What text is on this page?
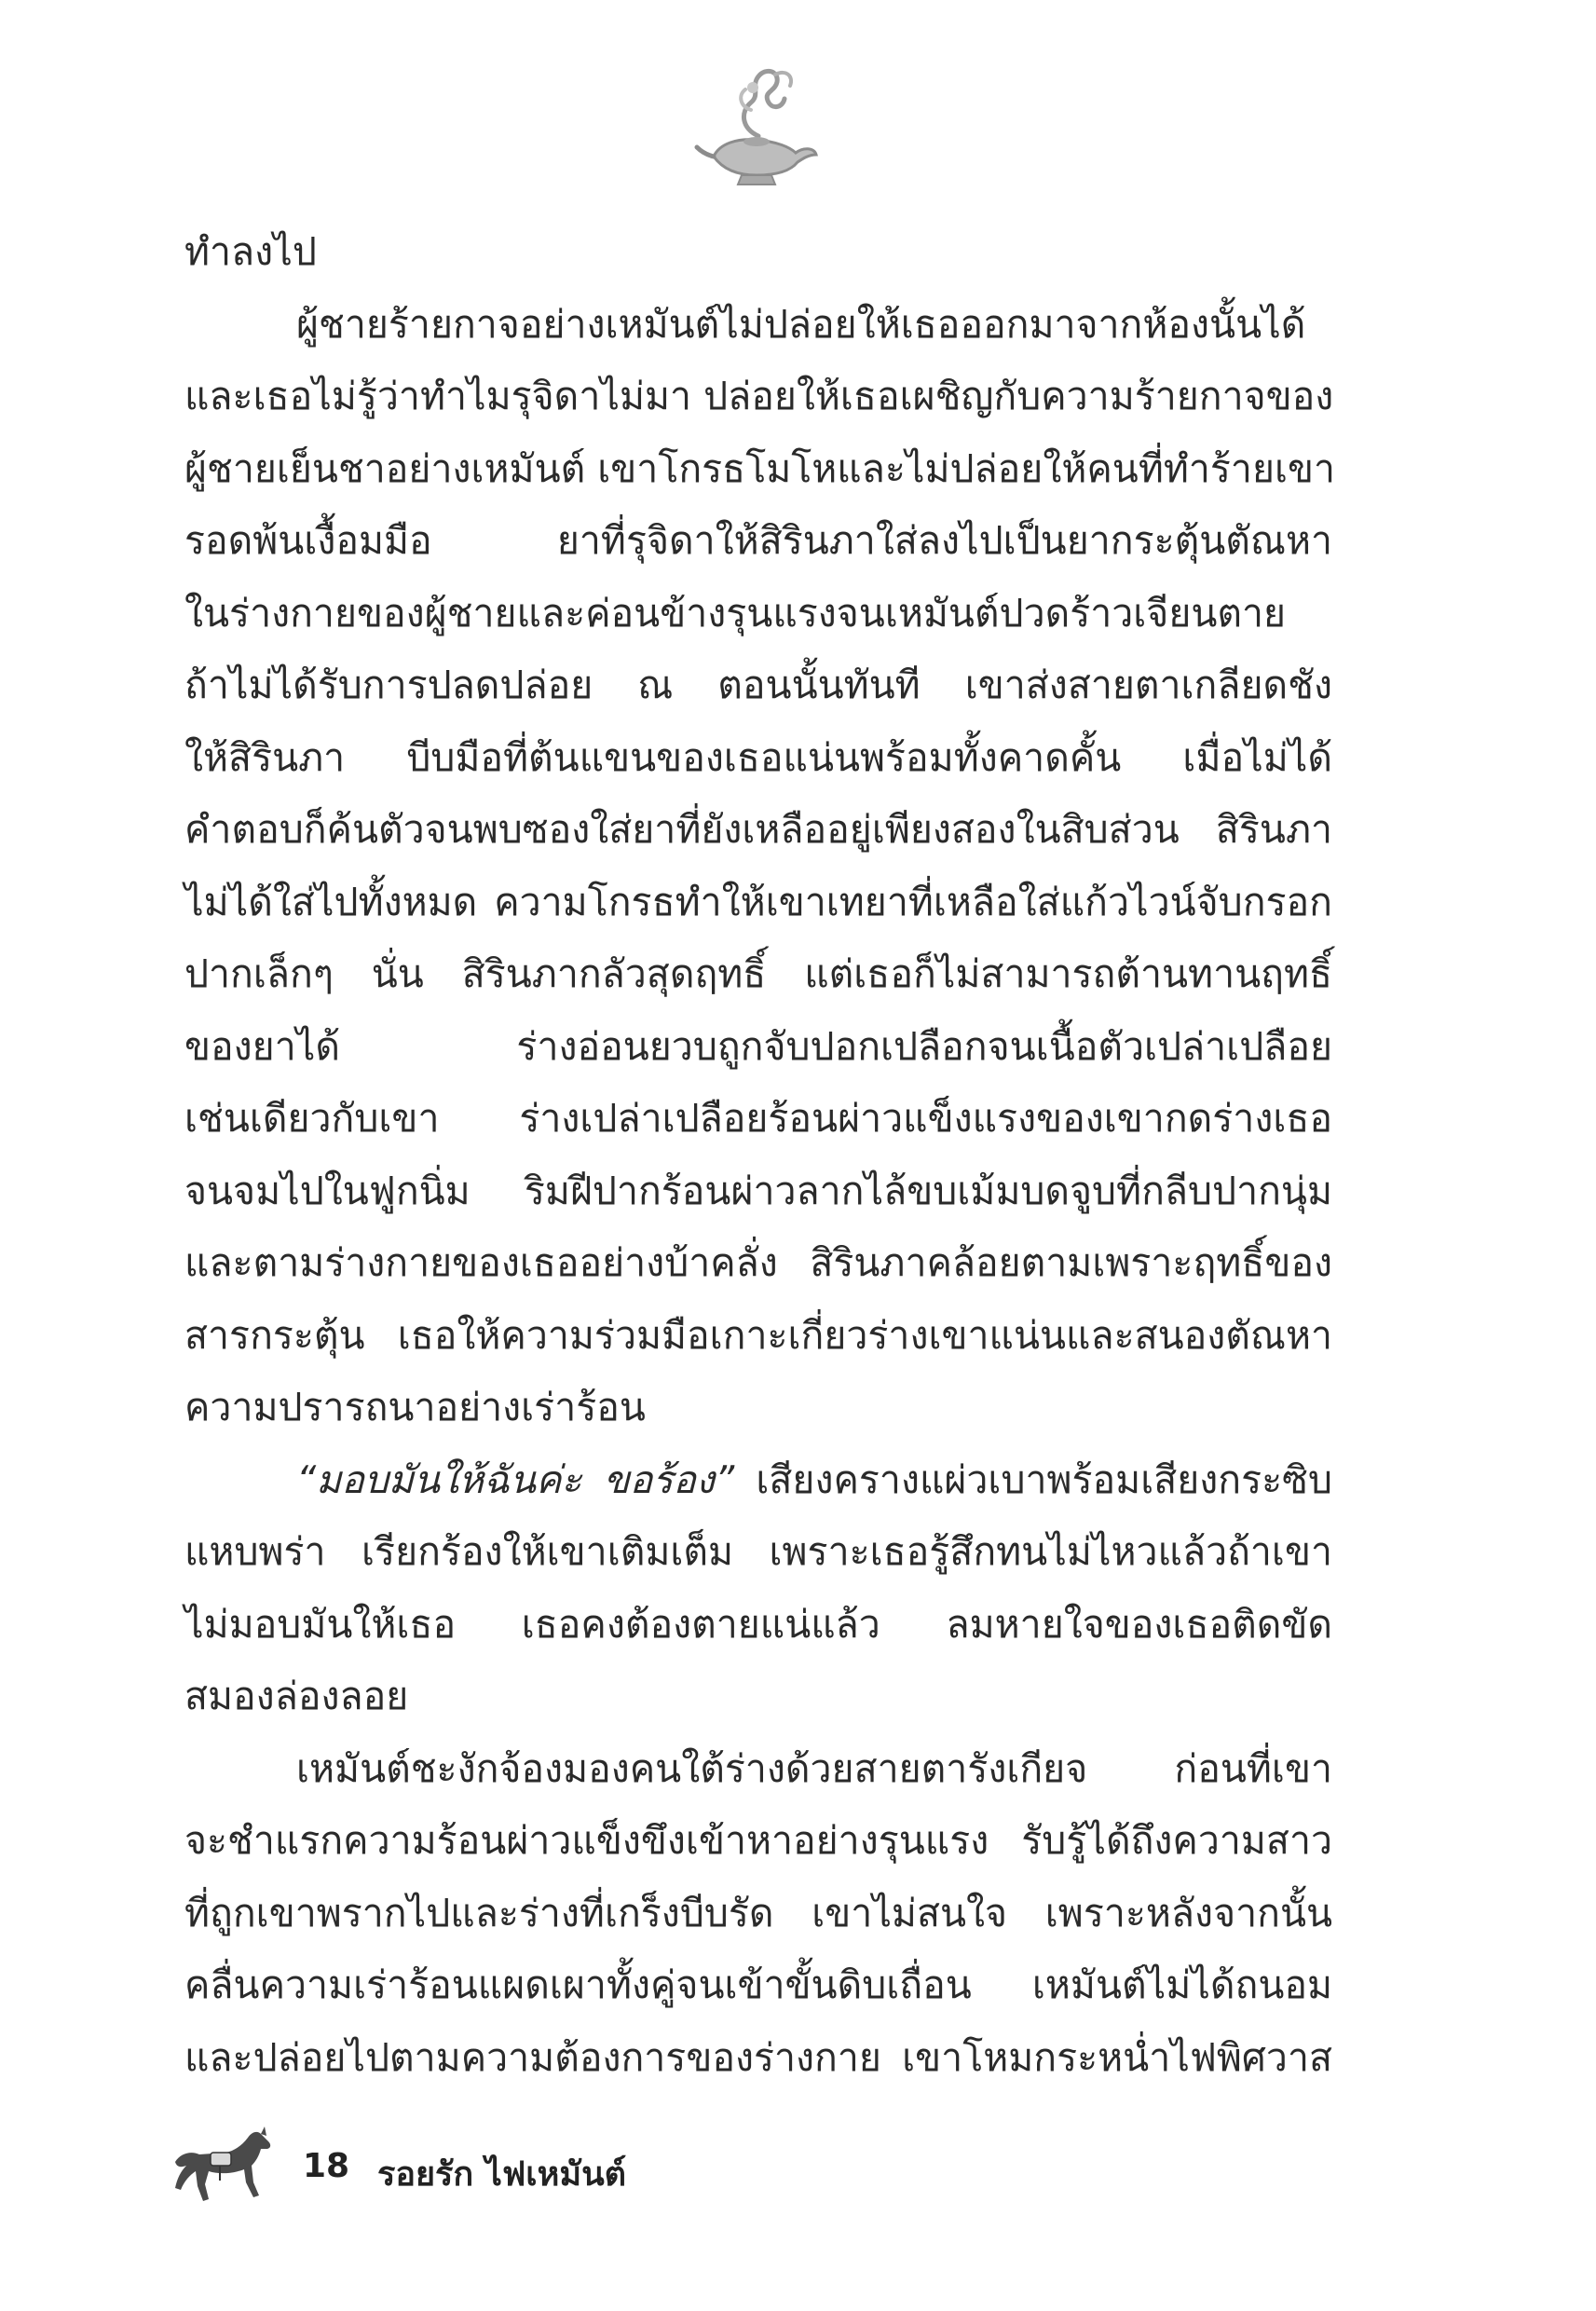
ทำลงไป
ผู้ชายร้ายกาจอย่างเหมันต์ไม่ปล่อยให้เธอออกมาจากห้องนั้นได้
และเธอไม่รู้ว่าทำไมรุจิดาไม่มา ปล่อยให้เธอเผชิญกับความร้ายกาจของ
ผู้ชายเย็นชาอย่างเหมันต์ เขาโกรธโมโหและไม่ปล่อยให้คนที่ทำร้ายเขา
รอดพ้นเงื้อมมือ ยาที่รุจิดาให้สิรินภาใส่ลงไปเป็นยากระตุ้นตัณหา
ในร่างกายของผู้ชายและค่อนข้างรุนแรงจนเหมันต์ปวดร้าวเจียนตาย
ถ้าไม่ได้รับการปลดปล่อย ณ ตอนนั้นทันที เขาส่งสายตาเกลียดชัง
ให้สิรินภา บีบมือที่ต้นแขนของเธอแน่นพร้อมทั้งคาดคั้น เมื่อไม่ได้
คำตอบก็ค้นตัวจนพบซองใส่ยาที่ยังเหลืออยู่เพียงสองในสิบส่วน สิรินภา
ไม่ได้ใส่ไปทั้งหมด ความโกรธทำให้เขาเทยาที่เหลือใส่แก้วไวน์จับกรอก
ปากเล็กๆ นั่น สิรินภากลัวสุดฤทธิ์ แต่เธอก็ไม่สามารถต้านทานฤทธิ์
ของยาได้ ร่างอ่อนยวบถูกจับปอกเปลือกจนเนื้อตัวเปล่าเปลือย
เช่นเดียวกับเขา ร่างเปล่าเปลือยร้อนผ่าวแข็งแรงของเขากดร่างเธอ
จนจมไปในฟูกนิ่ม ริมฝีปากร้อนผ่าวลากไล้ขบเม้มบดจูบที่กลีบปากนุ่ม
และตามร่างกายของเธออย่างบ้าคลั่ง สิรินภาคล้อยตามเพราะฤทธิ์ของ
สารกระตุ้น เธอให้ความร่วมมือเกาะเกี่ยวร่างเขาแน่นและสนองตัณหา
ความปรารถนาอย่างเร่าร้อน
“มอบมันให้ฉันค่ะ ขอร้อง” เสียงครางแผ่วเบาพร้อมเสียงกระซิบ
แหบพร่า เรียกร้องให้เขาเติมเต็ม เพราะเธอรู้สึกทนไม่ไหวแล้วถ้าเขา
ไม่มอบมันให้เธอ เธอคงต้องตายแน่แล้ว ลมหายใจของเธอติดขัด
สมองล่องลอย
เหมันต์ชะงักจ้องมองคนใต้ร่างด้วยสายตารังเกียจ ก่อนที่เขา
จะชำแรกความร้อนผ่าวแข็งขึงเข้าหาอย่างรุนแรง รับรู้ได้ถึงความสาว
ที่ถูกเขาพรากไปและร่างที่เกร็งบีบรัด เขาไม่สนใจ เพราะหลังจากนั้น
คลื่นความเร่าร้อนแผดเผาทั้งคู่จนเข้าขั้นดิบเถื่อน เหมันต์ไม่ได้ถนอม
และปล่อยไปตามความต้องการของร่างกาย เขาโหมกระหน่ำไฟพิศวาส
18 รอยรัก ไฟเหมันต์
